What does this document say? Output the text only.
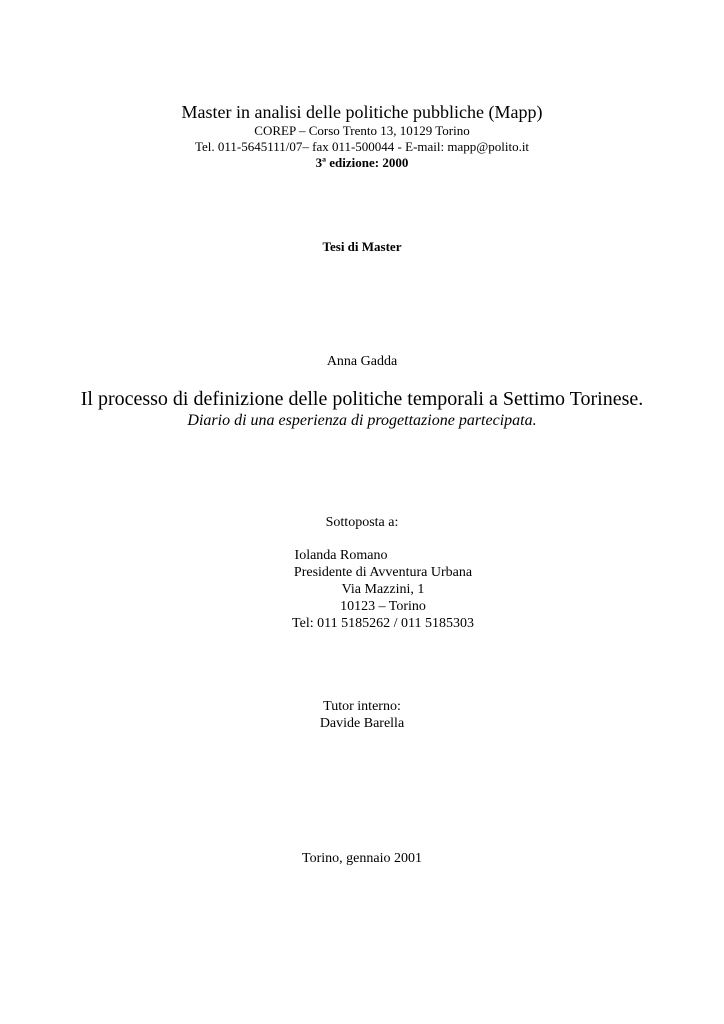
Master in analisi delle politiche pubbliche (Mapp)
COREP – Corso Trento 13, 10129 Torino
Tel. 011-5645111/07– fax 011-500044 - E-mail: mapp@polito.it
3$^a$ edizione: 2000
Tesi di Master
Anna Gadda
Il processo di definizione delle politiche temporali a Settimo Torinese.
Diario di una esperienza di progettazione partecipata.
Sottoposta a:
Iolanda Romano
Presidente di Avventura Urbana
Via Mazzini, 1
10123 – Torino
Tel: 011 5185262 / 011 5185303
Tutor interno:
Davide Barella
Torino, gennaio 2001
